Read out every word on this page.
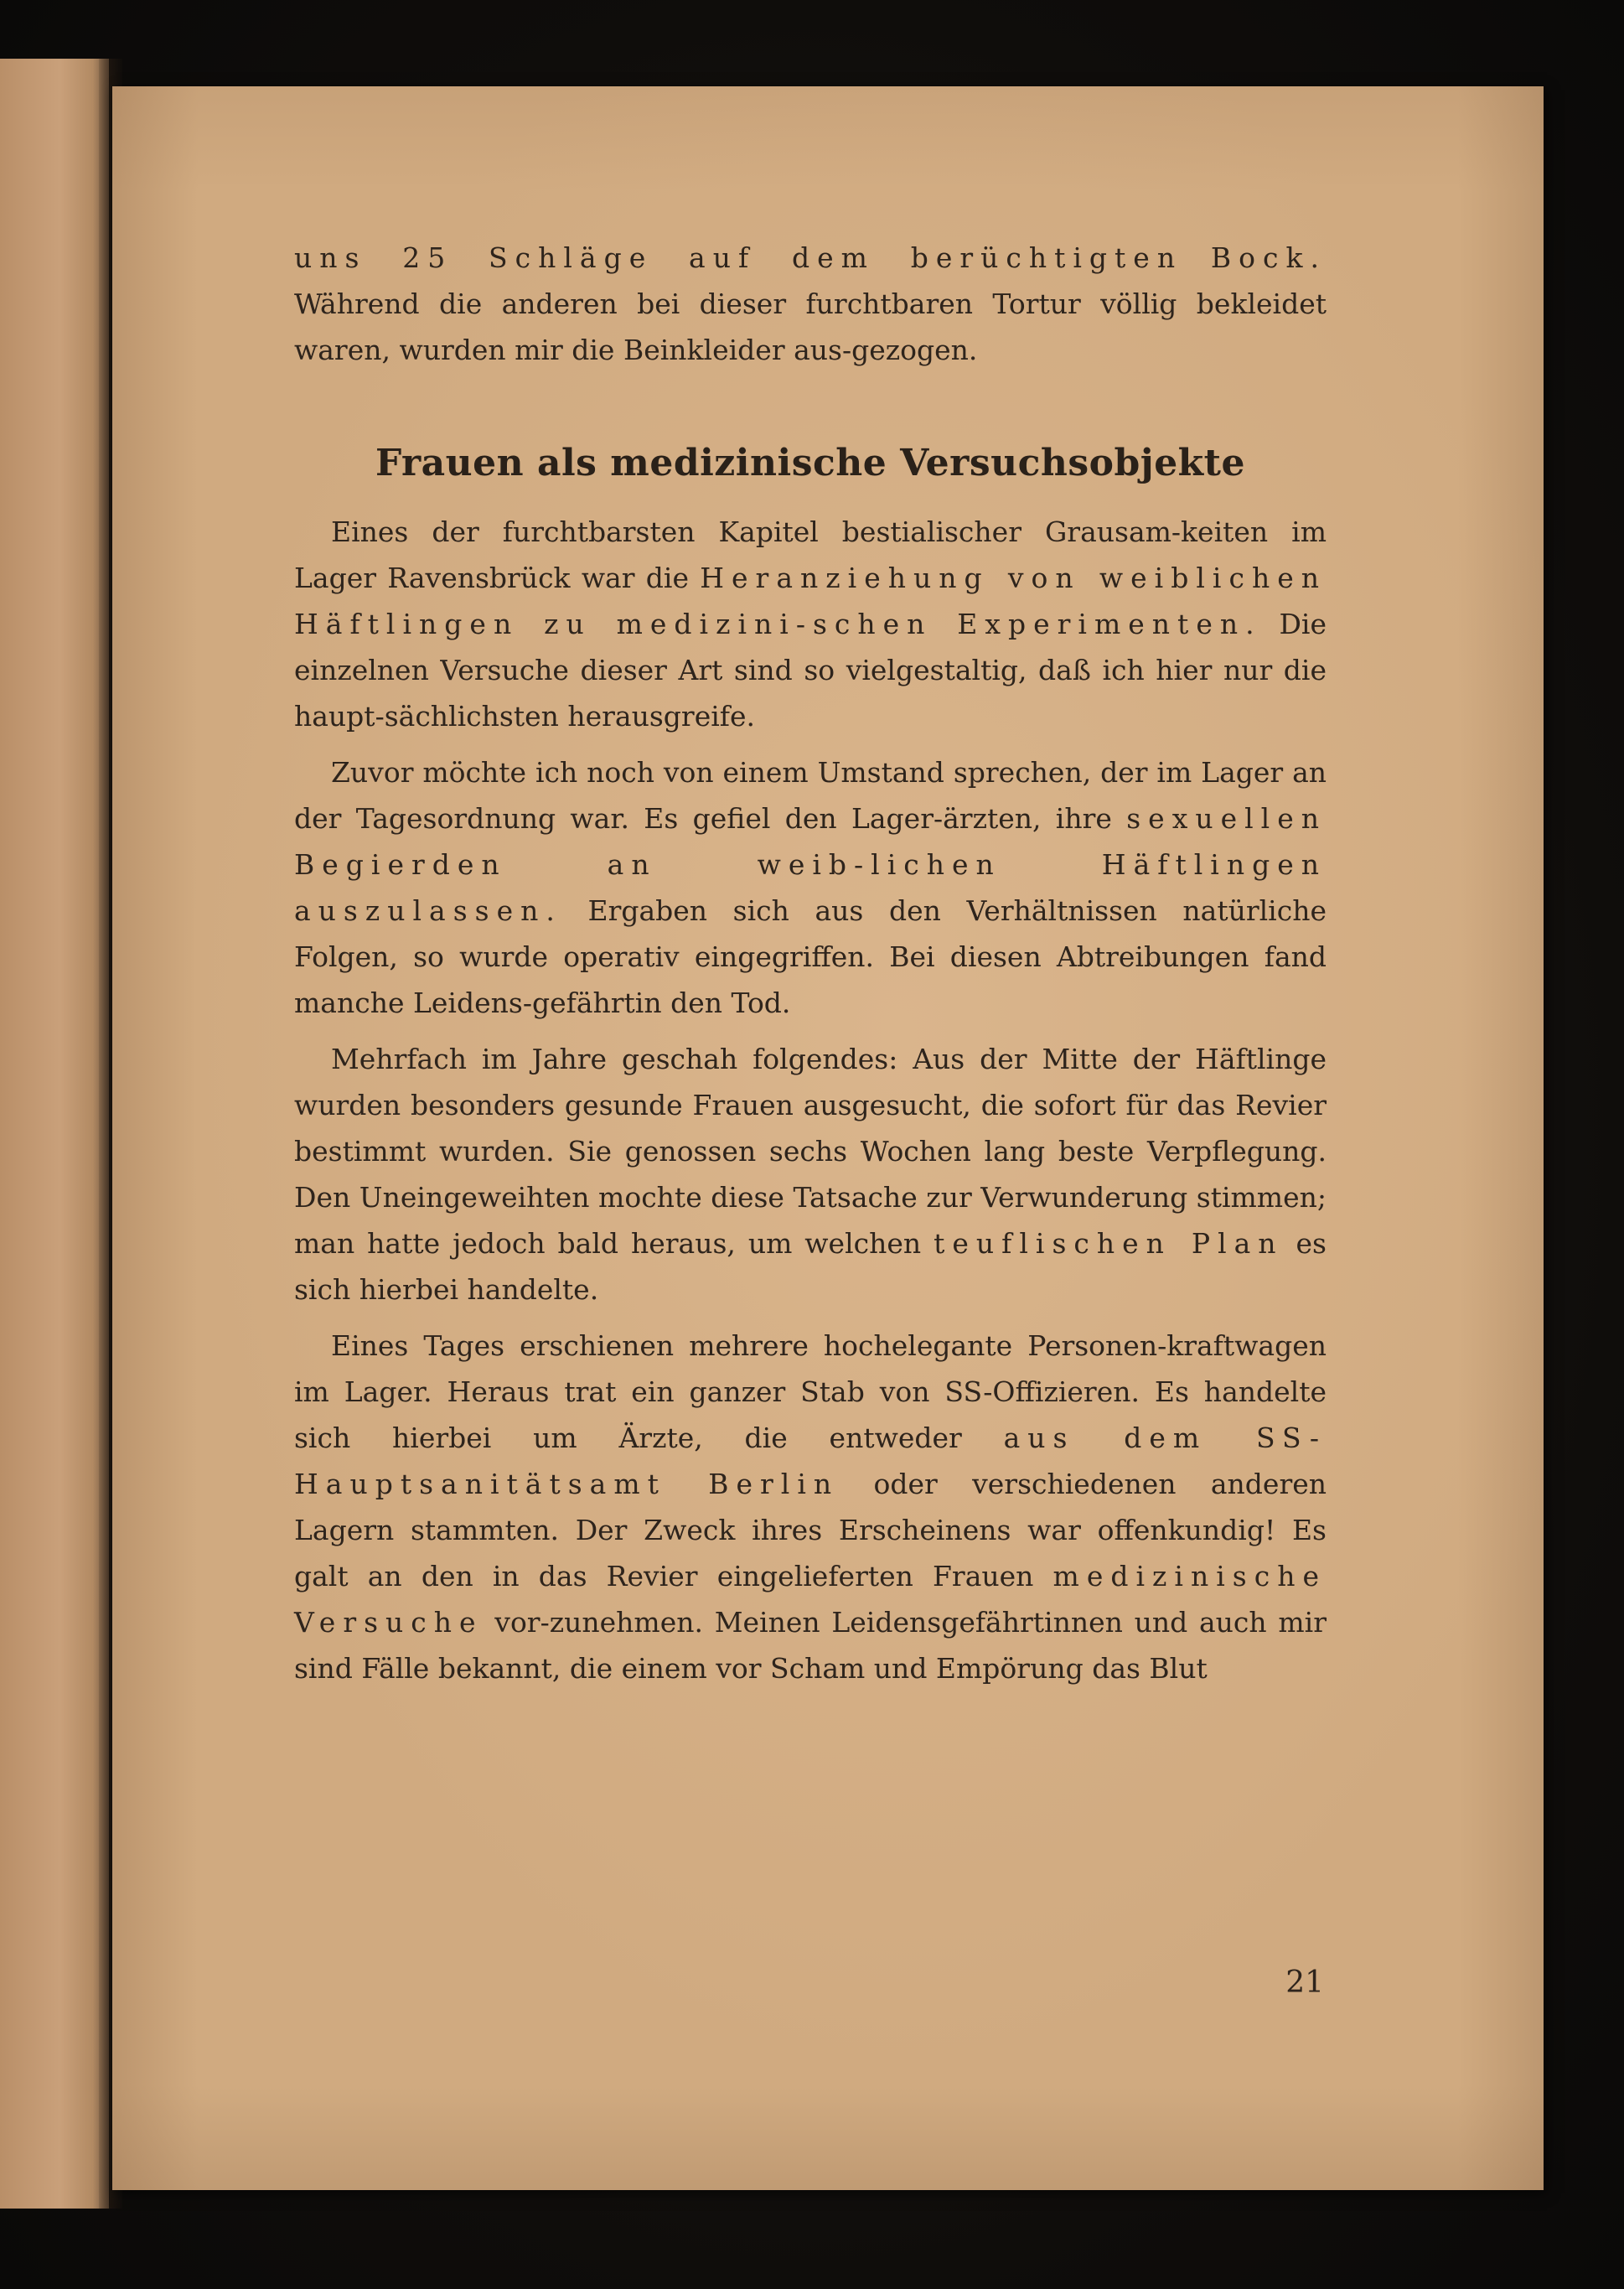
uns 25 Schläge auf dem berüchtigten Bock. Während die anderen bei dieser furchtbaren Tortur völlig bekleidet waren, wurden mir die Beinkleider aus-gezogen.

Frauen als medizinische Versuchsobjekte

Eines der furchtbarsten Kapitel bestialischer Grausam-keiten im Lager Ravensbrück war die Heranziehung von weiblichen Häftlingen zu medizini-schen Experimenten. Die einzelnen Versuche dieser Art sind so vielgestaltig, daß ich hier nur die haupt-sächlichsten herausgreife.

Zuvor möchte ich noch von einem Umstand sprechen, der im Lager an der Tagesordnung war. Es gefiel den Lager-ärzten, ihre sexuellen Begierden an weib-lichen Häftlingen auszulassen. Ergaben sich aus den Verhältnissen natürliche Folgen, so wurde operativ eingegriffen. Bei diesen Abtreibungen fand manche Leidens-gefährtin den Tod.

Mehrfach im Jahre geschah folgendes: Aus der Mitte der Häftlinge wurden besonders gesunde Frauen ausgesucht, die sofort für das Revier bestimmt wurden. Sie genossen sechs Wochen lang beste Verpflegung. Den Uneingeweihten mochte diese Tatsache zur Verwunderung stimmen; man hatte jedoch bald heraus, um welchen teuflischen Plan es sich hierbei handelte.

Eines Tages erschienen mehrere hochelegante Personen-kraftwagen im Lager. Heraus trat ein ganzer Stab von SS-Offizieren. Es handelte sich hierbei um Ärzte, die entweder aus dem SS-Hauptsanitätsamt Berlin oder verschiedenen anderen Lagern stammten. Der Zweck ihres Erscheinens war offenkundig! Es galt an den in das Revier eingelieferten Frauen medizinische Versuche vor-zunehmen. Meinen Leidensgefährtinnen und auch mir sind Fälle bekannt, die einem vor Scham und Empörung das Blut

21
